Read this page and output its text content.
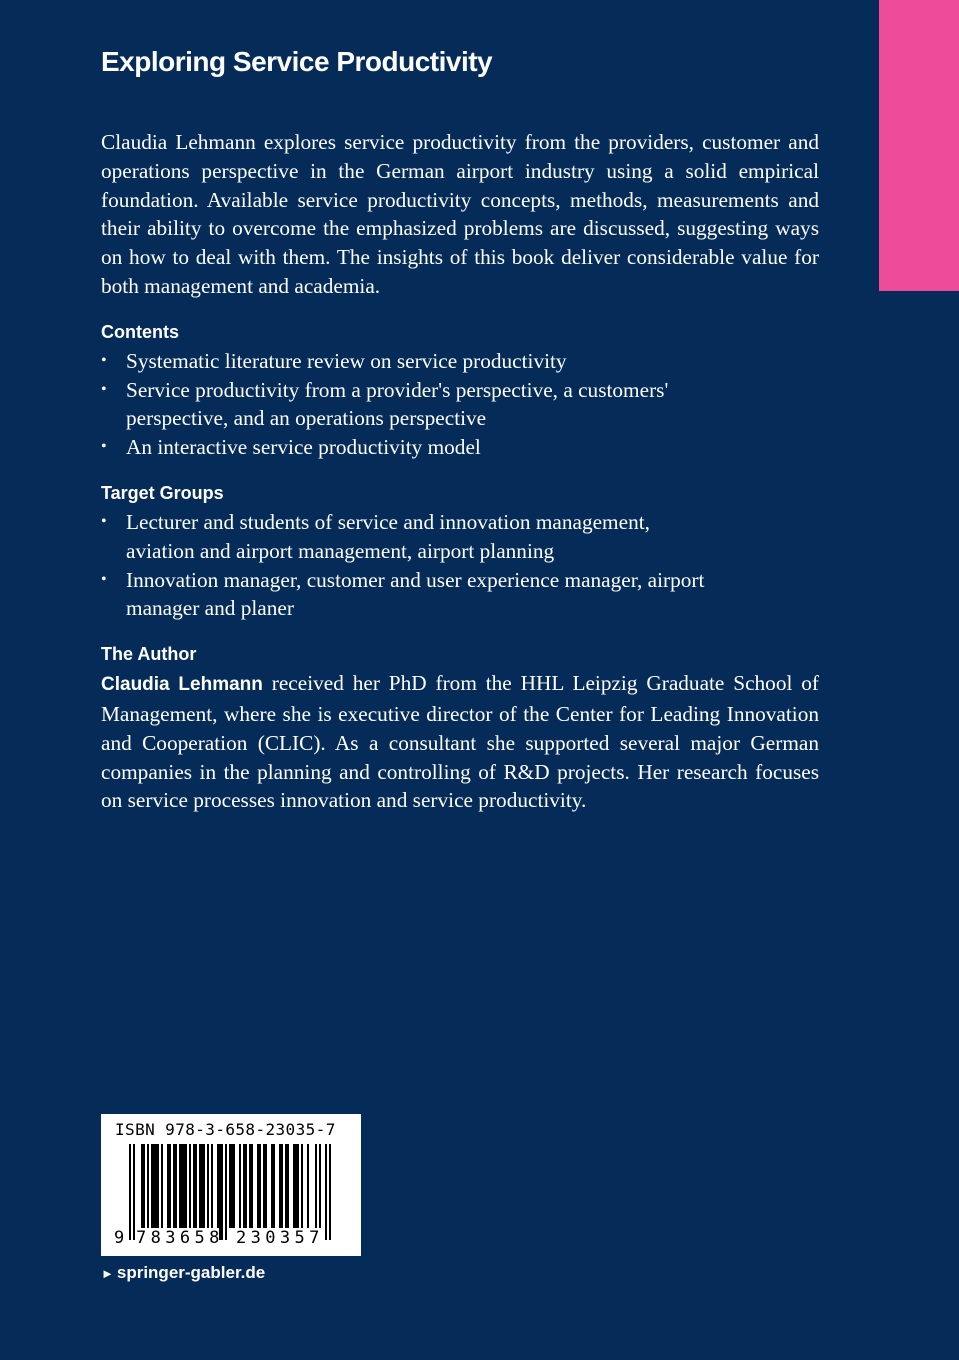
Exploring Service Productivity

Claudia Lehmann explores service productivity from the providers, customer and operations perspective in the German airport industry using a solid empirical foundation. Available service productivity concepts, methods, measurements and their ability to overcome the emphasized problems are discussed, suggesting ways on how to deal with them. The insights of this book deliver considerable value for both management and academia.

Contents
• Systematic literature review on service productivity
• Service productivity from a provider's perspective, a customers' perspective, and an operations perspective
• An interactive service productivity model
Target Groups
• Lecturer and students of service and innovation management, aviation and airport management, airport planning
• Innovation manager, customer and user experience manager, airport manager and planer
The Author

Claudia Lehmann received her PhD from the HHL Leipzig Graduate School of Management, where she is executive director of the Center for Leading Innovation and Cooperation (CLIC). As a consultant she supported several major German companies in the planning and controlling of R&D projects. Her research focuses on service processes innovation and service productivity.

ISBN 978-3-658-23035-7
9 783658 230357
► springer-gabler.de
